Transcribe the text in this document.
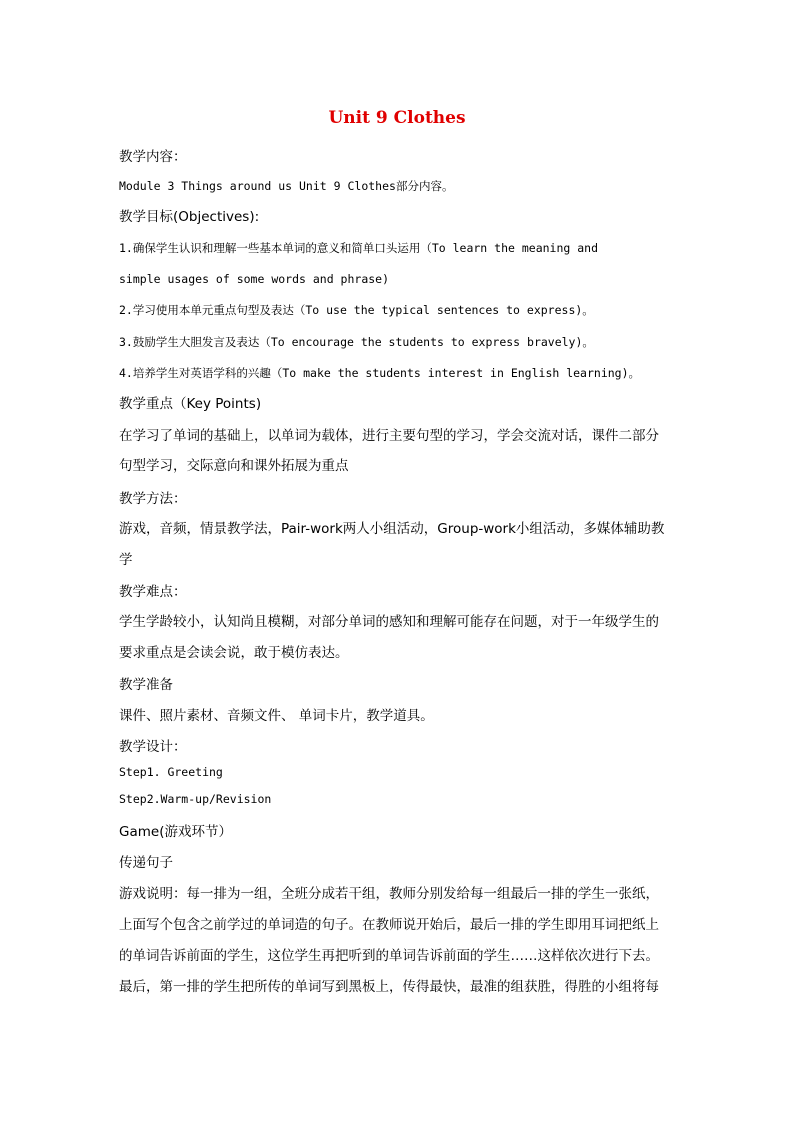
Unit 9 Clothes
教学内容：
Module 3 Things around us Unit 9 Clothes部分内容。
教学目标(Objectives):
1.确保学生认识和理解一些基本单词的意义和简单口头运用（To learn the meaning and
simple usages of some words and phrase)
2.学习使用本单元重点句型及表达（To use the typical sentences to express)。
3.鼓励学生大胆发言及表达（To encourage the students to express bravely)。
4.培养学生对英语学科的兴趣（To make the students interest in English learning)。
教学重点（Key Points)
在学习了单词的基础上，以单词为载体，进行主要句型的学习，学会交流对话，课件二部分
句型学习，交际意向和课外拓展为重点
教学方法：
游戏，音频，情景教学法，Pair-work两人小组活动，Group-work小组活动，多媒体辅助教
学
教学难点：
学生学龄较小，认知尚且模糊，对部分单词的感知和理解可能存在问题，对于一年级学生的
要求重点是会读会说，敢于模仿表达。
教学准备
课件、照片素材、音频文件、 单词卡片，教学道具。
教学设计：
Step1. Greeting
Step2.Warm-up/Revision
Game(游戏环节）
传递句子
游戏说明：每一排为一组，全班分成若干组，教师分别发给每一组最后一排的学生一张纸，
上面写个包含之前学过的单词造的句子。在教师说开始后，最后一排的学生即用耳词把纸上
的单词告诉前面的学生，这位学生再把听到的单词告诉前面的学生……这样依次进行下去。
最后，第一排的学生把所传的单词写到黑板上，传得最快，最准的组获胜，得胜的小组将每
